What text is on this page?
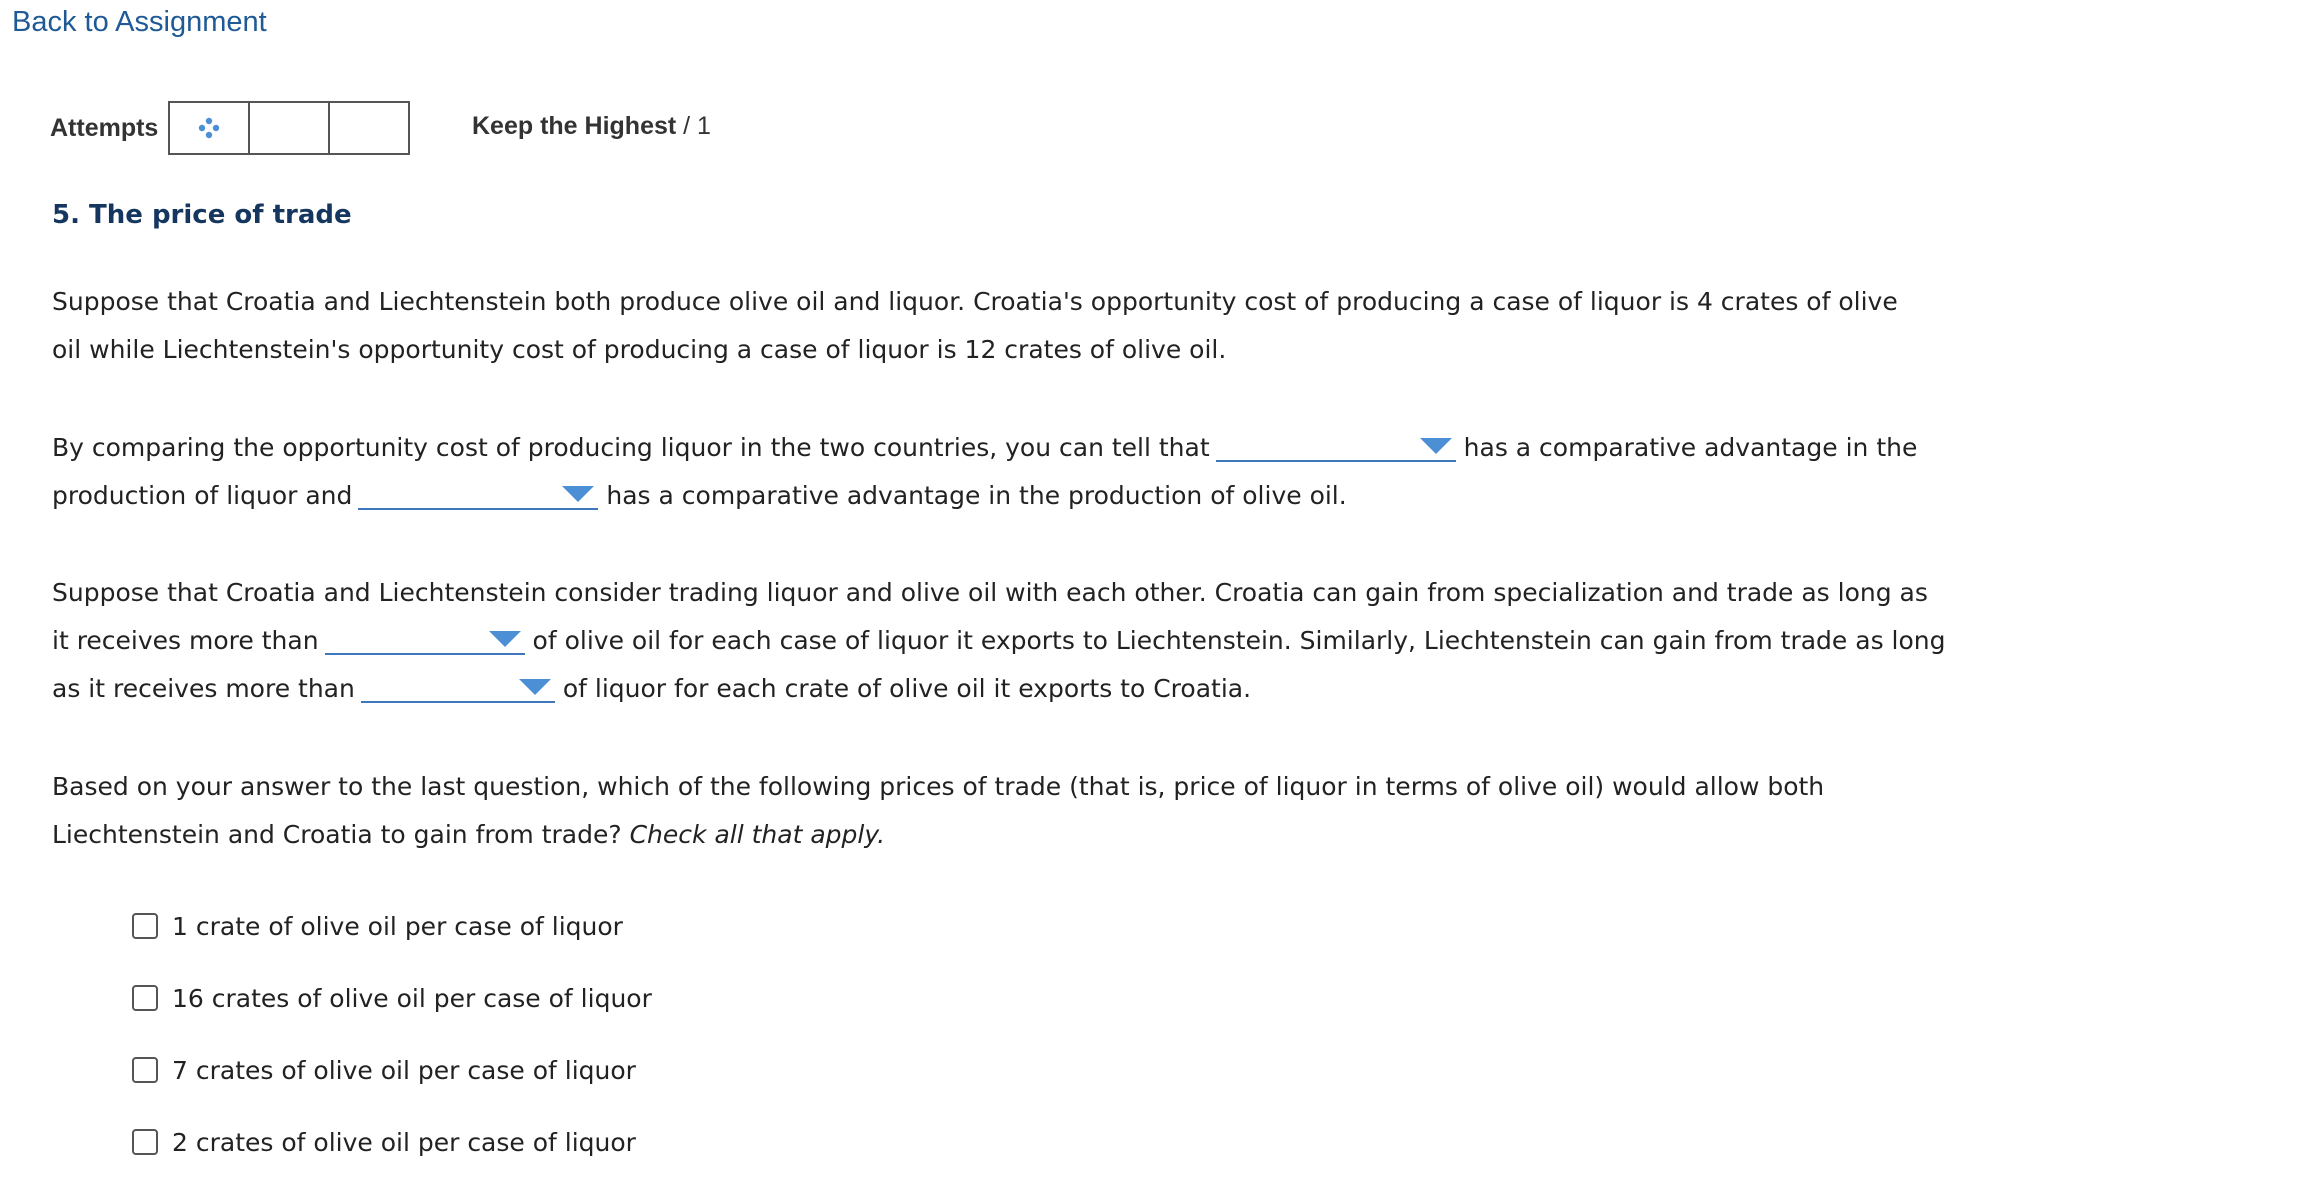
Back to Assignment
Attempts	Keep the Highest / 1
5. The price of trade
Suppose that Croatia and Liechtenstein both produce olive oil and liquor. Croatia's opportunity cost of producing a case of liquor is 4 crates of olive oil while Liechtenstein's opportunity cost of producing a case of liquor is 12 crates of olive oil.
By comparing the opportunity cost of producing liquor in the two countries, you can tell that	has a comparative advantage in the production of liquor and	has a comparative advantage in the production of olive oil.
Suppose that Croatia and Liechtenstein consider trading liquor and olive oil with each other. Croatia can gain from specialization and trade as long as it receives more than	of olive oil for each case of liquor it exports to Liechtenstein. Similarly, Liechtenstein can gain from trade as long as it receives more than	of liquor for each crate of olive oil it exports to Croatia.
Based on your answer to the last question, which of the following prices of trade (that is, price of liquor in terms of olive oil) would allow both Liechtenstein and Croatia to gain from trade? Check all that apply.
1 crate of olive oil per case of liquor
16 crates of olive oil per case of liquor
7 crates of olive oil per case of liquor
2 crates of olive oil per case of liquor
